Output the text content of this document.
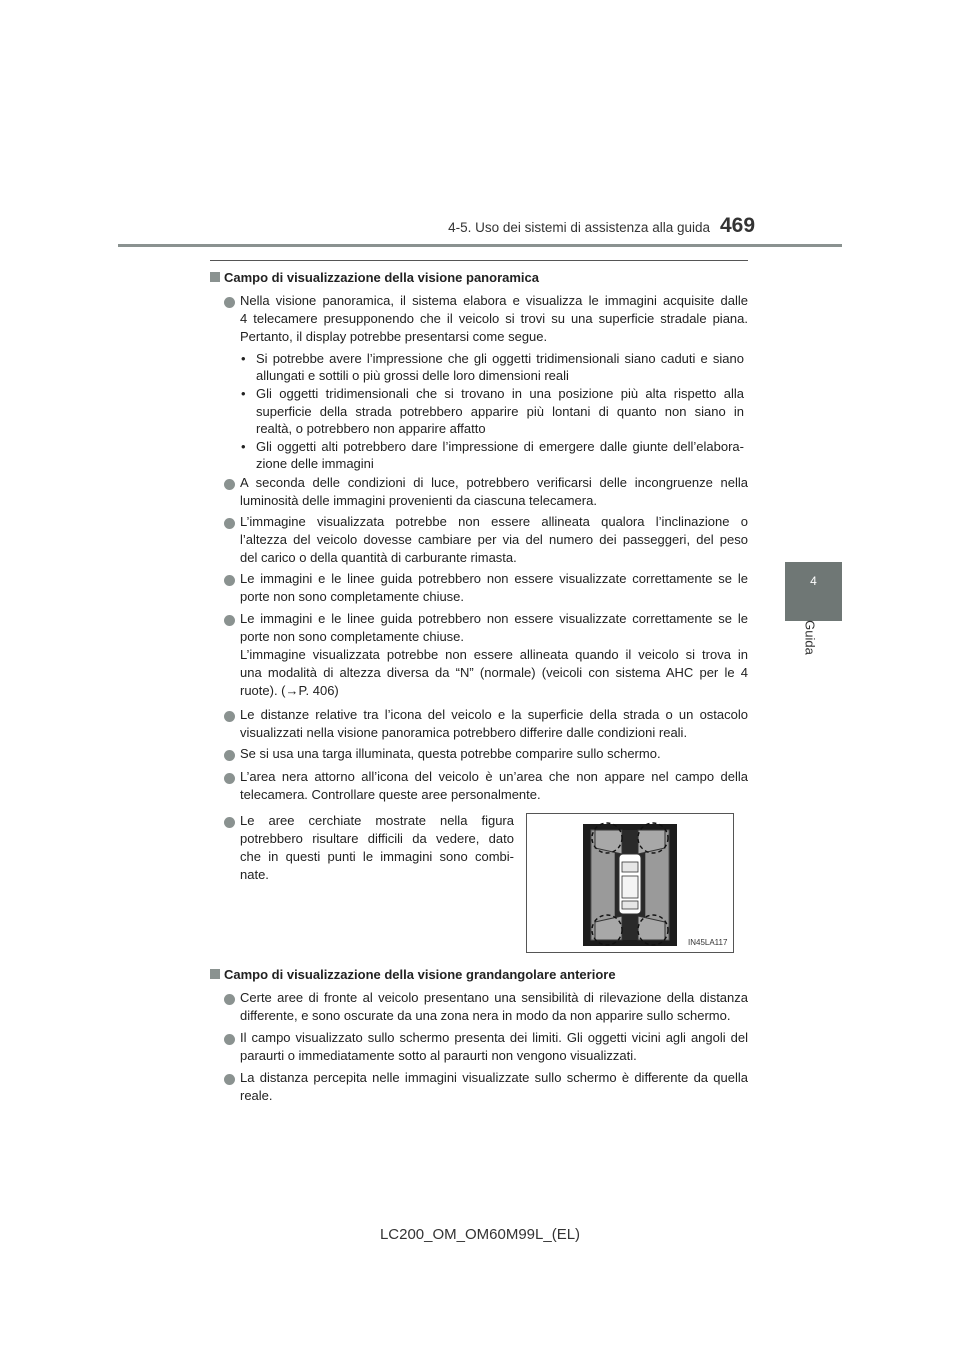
4-5. Uso dei sistemi di assistenza alla guida 469
4
Guida
Campo di visualizzazione della visione panoramica
Nella visione panoramica, il sistema elabora e visualizza le immagini acquisite dalle
4 telecamere presupponendo che il veicolo si trovi su una superficie stradale piana.
Pertanto, il display potrebbe presentarsi come segue.
• Si potrebbe avere l’impressione che gli oggetti tridimensionali siano caduti e siano
allungati e sottili o più grossi delle loro dimensioni reali
• Gli oggetti tridimensionali che si trovano in una posizione più alta rispetto alla
superficie della strada potrebbero apparire più lontani di quanto non siano in
realtà, o potrebbero non apparire affatto
• Gli oggetti alti potrebbero dare l’impressione di emergere dalle giunte dell’elabora-
zione delle immagini
A seconda delle condizioni di luce, potrebbero verificarsi delle incongruenze nella
luminosità delle immagini provenienti da ciascuna telecamera.
L’immagine visualizzata potrebbe non essere allineata qualora l’inclinazione o
l’altezza del veicolo dovesse cambiare per via del numero dei passeggeri, del peso
del carico o della quantità di carburante rimasta.
Le immagini e le linee guida potrebbero non essere visualizzate correttamente se le
porte non sono completamente chiuse.
Le immagini e le linee guida potrebbero non essere visualizzate correttamente se le
porte non sono completamente chiuse.
L’immagine visualizzata potrebbe non essere allineata quando il veicolo si trova in
una modalità di altezza diversa da “N” (normale) (veicoli con sistema AHC per le 4
ruote). (→P. 406)
Le distanze relative tra l’icona del veicolo e la superficie della strada o un ostacolo
visualizzati nella visione panoramica potrebbero differire dalle condizioni reali.
Se si usa una targa illuminata, questa potrebbe comparire sullo schermo.
L’area nera attorno all’icona del veicolo è un’area che non appare nel campo della
telecamera. Controllare queste aree personalmente.
Le aree cerchiate mostrate nella figura
potrebbero risultare difficili da vedere, dato
che in questi punti le immagini sono combi-
nate.
IN45LA117
Campo di visualizzazione della visione grandangolare anteriore
Certe aree di fronte al veicolo presentano una sensibilità di rilevazione della distanza
differente, e sono oscurate da una zona nera in modo da non apparire sullo schermo.
Il campo visualizzato sullo schermo presenta dei limiti. Gli oggetti vicini agli angoli del
paraurti o immediatamente sotto al paraurti non vengono visualizzati.
La distanza percepita nelle immagini visualizzate sullo schermo è differente da quella
reale.
LC200_OM_OM60M99L_(EL)
